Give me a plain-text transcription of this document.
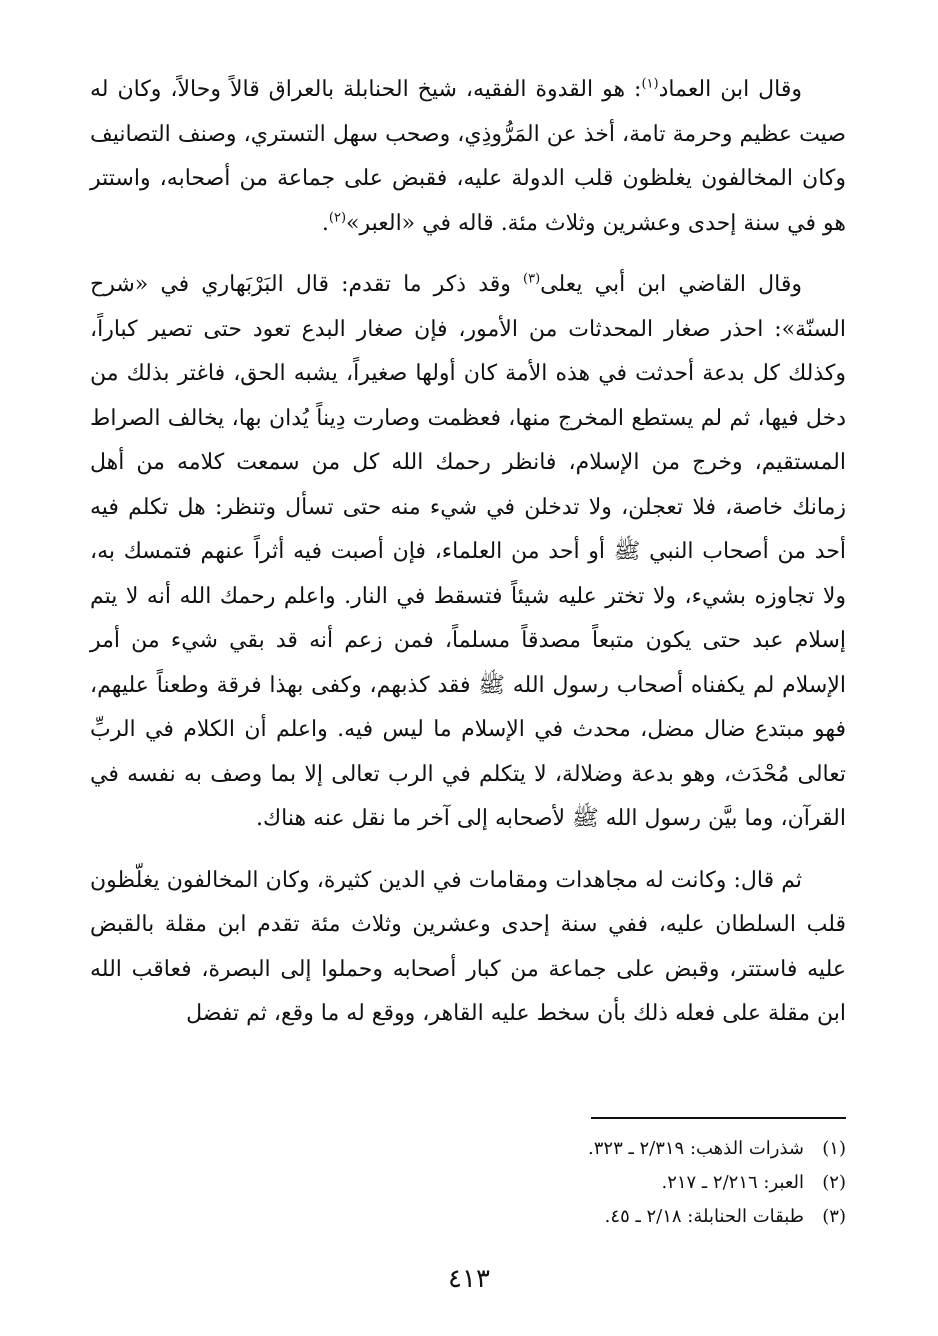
وقال ابن العماد$^{(١)}$: هو القدوة الفقيه، شيخ الحنابلة بالعراق قالاً وحالاً، وكان له صيت عظيم وحرمة تامة، أخذ عن المَرُّوذِي، وصحب سهل التستري، وصنف التصانيف وكان المخالفون يغلظون قلب الدولة عليه، فقبض على جماعة من أصحابه، واستتر هو في سنة إحدى وعشرين وثلاث مئة. قاله في «العبر»$^{(٢)}$.

وقال القاضي ابن أبي يعلى$^{(٣)}$ وقد ذكر ما تقدم: قال البَرْبَهاري في «شرح السنّة»: احذر صغار المحدثات من الأمور، فإن صغار البدع تعود حتى تصير كباراً، وكذلك كل بدعة أحدثت في هذه الأمة كان أولها صغيراً، يشبه الحق، فاغتر بذلك من دخل فيها، ثم لم يستطع المخرج منها، فعظمت وصارت دِيناً يُدان بها، يخالف الصراط المستقيم، وخرج من الإسلام، فانظر رحمك الله كل من سمعت كلامه من أهل زمانك خاصة، فلا تعجلن، ولا تدخلن في شيء منه حتى تسأل وتنظر: هل تكلم فيه أحد من أصحاب النبي ﷺ أو أحد من العلماء، فإن أصبت فيه أثراً عنهم فتمسك به، ولا تجاوزه بشيء، ولا تختر عليه شيئاً فتسقط في النار. واعلم رحمك الله أنه لا يتم إسلام عبد حتى يكون متبعاً مصدقاً مسلماً، فمن زعم أنه قد بقي شيء من أمر الإسلام لم يكفناه أصحاب رسول الله ﷺ فقد كذبهم، وكفى بهذا فرقة وطعناً عليهم، فهو مبتدع ضال مضل، محدث في الإسلام ما ليس فيه. واعلم أن الكلام في الربِّ تعالى مُحْدَث، وهو بدعة وضلالة، لا يتكلم في الرب تعالى إلا بما وصف به نفسه في القرآن، وما بيَّن رسول الله ﷺ لأصحابه إلى آخر ما نقل عنه هناك.

ثم قال: وكانت له مجاهدات ومقامات في الدين كثيرة، وكان المخالفون يغلّظون قلب السلطان عليه، ففي سنة إحدى وعشرين وثلاث مئة تقدم ابن مقلة بالقبض عليه فاستتر، وقبض على جماعة من كبار أصحابه وحملوا إلى البصرة، فعاقب الله ابن مقلة على فعله ذلك بأن سخط عليه القاهر، ووقع له ما وقع، ثم تفضل

(١)
شذرات الذهب: ٢/٣١٩ ـ ٣٢٣.
(٢)
العبر: ٢/٢١٦ ـ ٢١٧.
(٣)
طبقات الحنابلة: ٢/١٨ ـ ٤٥.
٤١٣
